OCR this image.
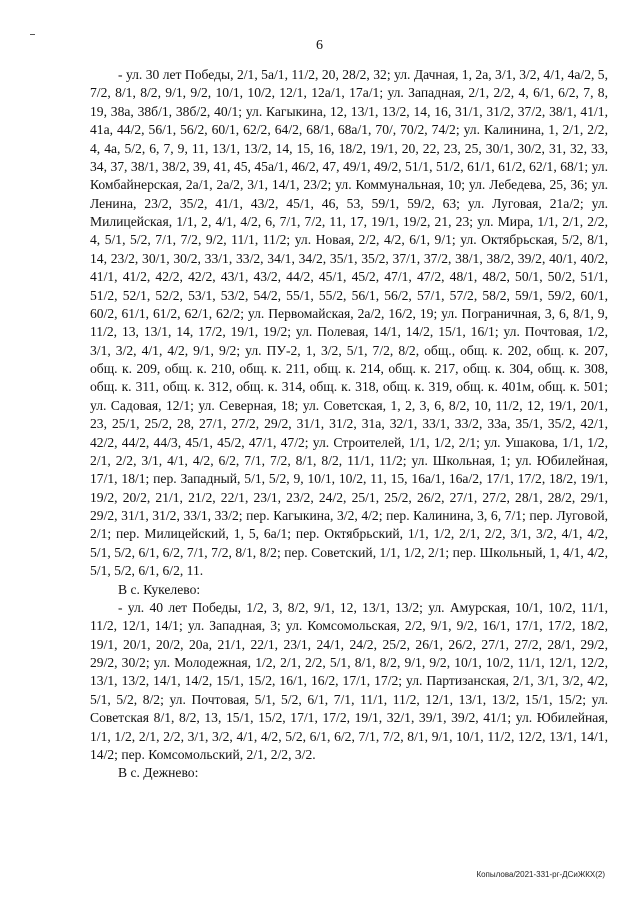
6

- ул. 30 лет Победы, 2/1, 5а/1, 11/2, 20, 28/2, 32; ул. Дачная, 1, 2а, 3/1, 3/2, 4/1, 4а/2, 5, 7/2, 8/1, 8/2, 9/1, 9/2, 10/1, 10/2, 12/1, 12а/1, 17а/1; ул. Западная, 2/1, 2/2, 4, 6/1, 6/2, 7, 8, 19, 38а, 38б/1, 38б/2, 40/1; ул. Кагыкина, 12, 13/1, 13/2, 14, 16, 31/1, 31/2, 37/2, 38/1, 41/1, 41а, 44/2, 56/1, 56/2, 60/1, 62/2, 64/2, 68/1, 68а/1, 70/, 70/2, 74/2; ул. Калинина, 1, 2/1, 2/2, 4, 4а, 5/2, 6, 7, 9, 11, 13/1, 13/2, 14, 15, 16, 18/2, 19/1, 20, 22, 23, 25, 30/1, 30/2, 31, 32, 33, 34, 37, 38/1, 38/2, 39, 41, 45, 45а/1, 46/2, 47, 49/1, 49/2, 51/1, 51/2, 61/1, 61/2, 62/1, 68/1; ул. Комбайнерская, 2а/1, 2а/2, 3/1, 14/1, 23/2; ул. Коммунальная, 10; ул. Лебедева, 25, 36; ул. Ленина, 23/2, 35/2, 41/1, 43/2, 45/1, 46, 53, 59/1, 59/2, 63; ул. Луговая, 21а/2; ул. Милицейская, 1/1, 2, 4/1, 4/2, 6, 7/1, 7/2, 11, 17, 19/1, 19/2, 21, 23; ул. Мира, 1/1, 2/1, 2/2, 4, 5/1, 5/2, 7/1, 7/2, 9/2, 11/1, 11/2; ул. Новая, 2/2, 4/2, 6/1, 9/1; ул. Октябрьская, 5/2, 8/1, 14, 23/2, 30/1, 30/2, 33/1, 33/2, 34/1, 34/2, 35/1, 35/2, 37/1, 37/2, 38/1, 38/2, 39/2, 40/1, 40/2, 41/1, 41/2, 42/2, 42/2, 43/1, 43/2, 44/2, 45/1, 45/2, 47/1, 47/2, 48/1, 48/2, 50/1, 50/2, 51/1, 51/2, 52/1, 52/2, 53/1, 53/2, 54/2, 55/1, 55/2, 56/1, 56/2, 57/1, 57/2, 58/2, 59/1, 59/2, 60/1, 60/2, 61/1, 61/2, 62/1, 62/2; ул. Первомайская, 2а/2, 16/2, 19; ул. Пограничная, 3, 6, 8/1, 9, 11/2, 13, 13/1, 14, 17/2, 19/1, 19/2; ул. Полевая, 14/1, 14/2, 15/1, 16/1; ул. Почтовая, 1/2, 3/1, 3/2, 4/1, 4/2, 9/1, 9/2; ул. ПУ-2, 1, 3/2, 5/1, 7/2, 8/2, общ., общ. к. 202, общ. к. 207, общ. к. 209, общ. к. 210, общ. к. 211, общ. к. 214, общ. к. 217, общ. к. 304, общ. к. 308, общ. к. 311, общ. к. 312, общ. к. 314, общ. к. 318, общ. к. 319, общ. к. 401м, общ. к. 501; ул. Садовая, 12/1; ул. Северная, 18; ул. Советская, 1, 2, 3, 6, 8/2, 10, 11/2, 12, 19/1, 20/1, 23, 25/1, 25/2, 28, 27/1, 27/2, 29/2, 31/1, 31/2, 31а, 32/1, 33/1, 33/2, 33а, 35/1, 35/2, 42/1, 42/2, 44/2, 44/3, 45/1, 45/2, 47/1, 47/2; ул. Строителей, 1/1, 1/2, 2/1; ул. Ушакова, 1/1, 1/2, 2/1, 2/2, 3/1, 4/1, 4/2, 6/2, 7/1, 7/2, 8/1, 8/2, 11/1, 11/2; ул. Школьная, 1; ул. Юбилейная, 17/1, 18/1; пер. Западный, 5/1, 5/2, 9, 10/1, 10/2, 11, 15, 16а/1, 16а/2, 17/1, 17/2, 18/2, 19/1, 19/2, 20/2, 21/1, 21/2, 22/1, 23/1, 23/2, 24/2, 25/1, 25/2, 26/2, 27/1, 27/2, 28/1, 28/2, 29/1, 29/2, 31/1, 31/2, 33/1, 33/2; пер. Кагыкина, 3/2, 4/2; пер. Калинина, 3, 6, 7/1; пер. Луговой, 2/1; пер. Милицейский, 1, 5, 6а/1; пер. Октябрьский, 1/1, 1/2, 2/1, 2/2, 3/1, 3/2, 4/1, 4/2, 5/1, 5/2, 6/1, 6/2, 7/1, 7/2, 8/1, 8/2; пер. Советский, 1/1, 1/2, 2/1; пер. Школьный, 1, 4/1, 4/2, 5/1, 5/2, 6/1, 6/2, 11.

В с. Кукелево:

- ул. 40 лет Победы, 1/2, 3, 8/2, 9/1, 12, 13/1, 13/2; ул. Амурская, 10/1, 10/2, 11/1, 11/2, 12/1, 14/1; ул. Западная, 3; ул. Комсомольская, 2/2, 9/1, 9/2, 16/1, 17/1, 17/2, 18/2, 19/1, 20/1, 20/2, 20а, 21/1, 22/1, 23/1, 24/1, 24/2, 25/2, 26/1, 26/2, 27/1, 27/2, 28/1, 29/2, 29/2, 30/2; ул. Молодежная, 1/2, 2/1, 2/2, 5/1, 8/1, 8/2, 9/1, 9/2, 10/1, 10/2, 11/1, 12/1, 12/2, 13/1, 13/2, 14/1, 14/2, 15/1, 15/2, 16/1, 16/2, 17/1, 17/2; ул. Партизанская, 2/1, 3/1, 3/2, 4/2, 5/1, 5/2, 8/2; ул. Почтовая, 5/1, 5/2, 6/1, 7/1, 11/1, 11/2, 12/1, 13/1, 13/2, 15/1, 15/2; ул. Советская 8/1, 8/2, 13, 15/1, 15/2, 17/1, 17/2, 19/1, 32/1, 39/1, 39/2, 41/1; ул. Юбилейная, 1/1, 1/2, 2/1, 2/2, 3/1, 3/2, 4/1, 4/2, 5/2, 6/1, 6/2, 7/1, 7/2, 8/1, 9/1, 10/1, 11/2, 12/2, 13/1, 14/1, 14/2; пер. Комсомольский, 2/1, 2/2, 3/2.

В с. Дежнево:

Копылова/2021-331-рг-ДСиЖКХ(2)
